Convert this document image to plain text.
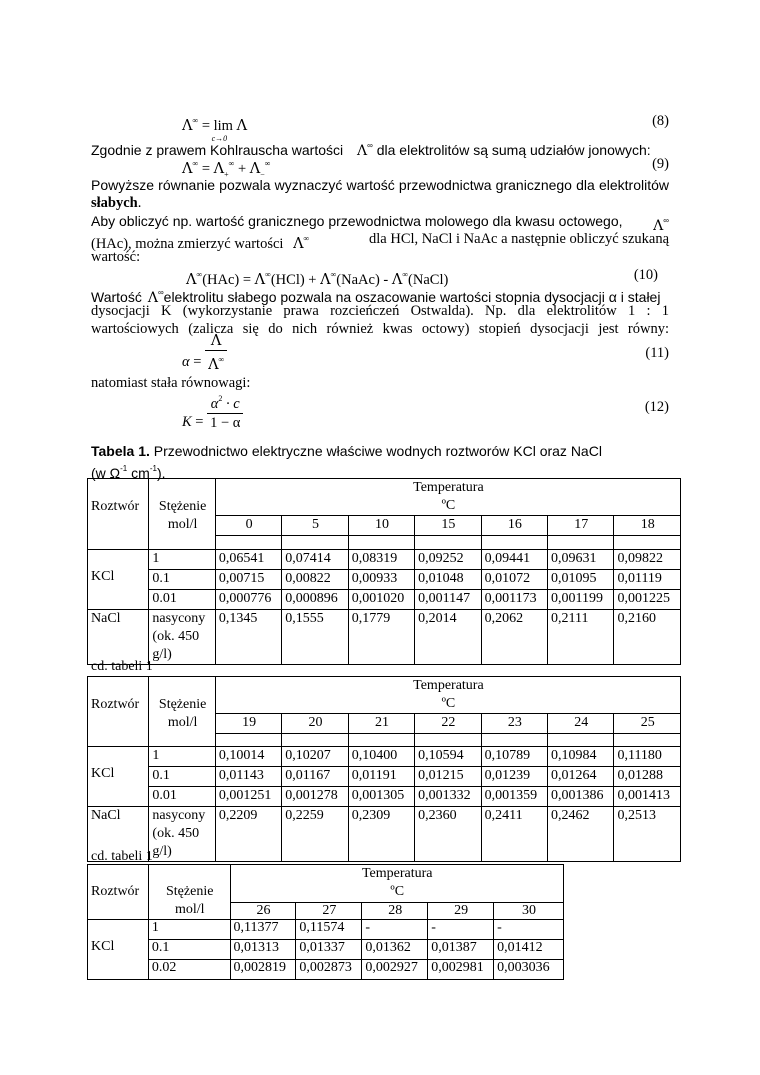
Λ∞ = lim
c→0
Λ	(8)
Zgodnie z prawem Kohlrauscha wartości Λ∞ dla elektrolitów są sumą udziałów jonowych:
$\Lambda^\infty = \Lambda_+^\infty + \Lambda_-^\infty$	(9)
Powyższe równanie pozwala wyznaczyć wartość przewodnictwa granicznego dla elektrolitów
słabych.
Aby obliczyć np. wartość granicznego przewodnictwa molowego dla kwasu octowego, Λ∞
(HAc), można zmierzyć wartości Λ∞	dla HCl, NaCl i NaAc a następnie obliczyć szukaną
wartość:
Λ∞(HAc) = Λ∞(HCl) + Λ∞(NaAc) - Λ∞(NaCl)	(10)
Wartość Λ∞elektrolitu słabego pozwala na oszacowanie wartości stopnia dysocjacji α i stałej
dysocjacji K (wykorzystanie prawa rozcieńczeń Ostwalda). Np. dla elektrolitów 1 : 1
wartościowych (zalicza się do nich również kwas octowy) stopień dysocjacji jest równy:
$\alpha = \frac{\Lambda}{\Lambda^\infty}$	(11)
natomiast stała równowagi:
$K = \frac{\alpha^2 \cdot c}{1 - \alpha}$	(12)
Tabela 1. Przewodnictwo elektryczne właściwe wodnych roztworów KCl oraz NaCl
(w $\Omega^{-1}$ $cm^{-1}$).
Roztwór	Stężenie
mol/l	Temperatura
ºC						
		0	5	10	15	16	17	18

KCl	1	0,06541	0,07414	0,08319	0,09252	0,09441	0,09631	0,09822
	0.1	0,00715	0,00822	0,00933	0,01048	0,01072	0,01095	0,01119
	0.01	0,000776	0,000896	0,001020	0,001147	0,001173	0,001199	0,001225
NaCl	nasycony
(ok. 450
g/l)	0,1345	0,1555	0,1779	0,2014	0,2062	0,2111	0,2160
cd. tabeli 1
Roztwór	Stężenie
mol/l	Temperatura
ºC						
		19	20	21	22	23	24	25

KCl	1	0,10014	0,10207	0,10400	0,10594	0,10789	0,10984	0,11180
	0.1	0,01143	0,01167	0,01191	0,01215	0,01239	0,01264	0,01288
	0.01	0,001251	0,001278	0,001305	0,001332	0,001359	0,001386	0,001413
NaCl	nasycony
(ok. 450
g/l)	0,2209	0,2259	0,2309	0,2360	0,2411	0,2462	0,2513
cd. tabeli 1
Roztwór	Stężenie
mol/l	Temperatura
ºC				
		26	27	28	29	30
KCl	1	0,11377	0,11574	-	-	-
	0.1	0,01313	0,01337	0,01362	0,01387	0,01412
	0.02	0,002819	0,002873	0,002927	0,002981	0,003036
